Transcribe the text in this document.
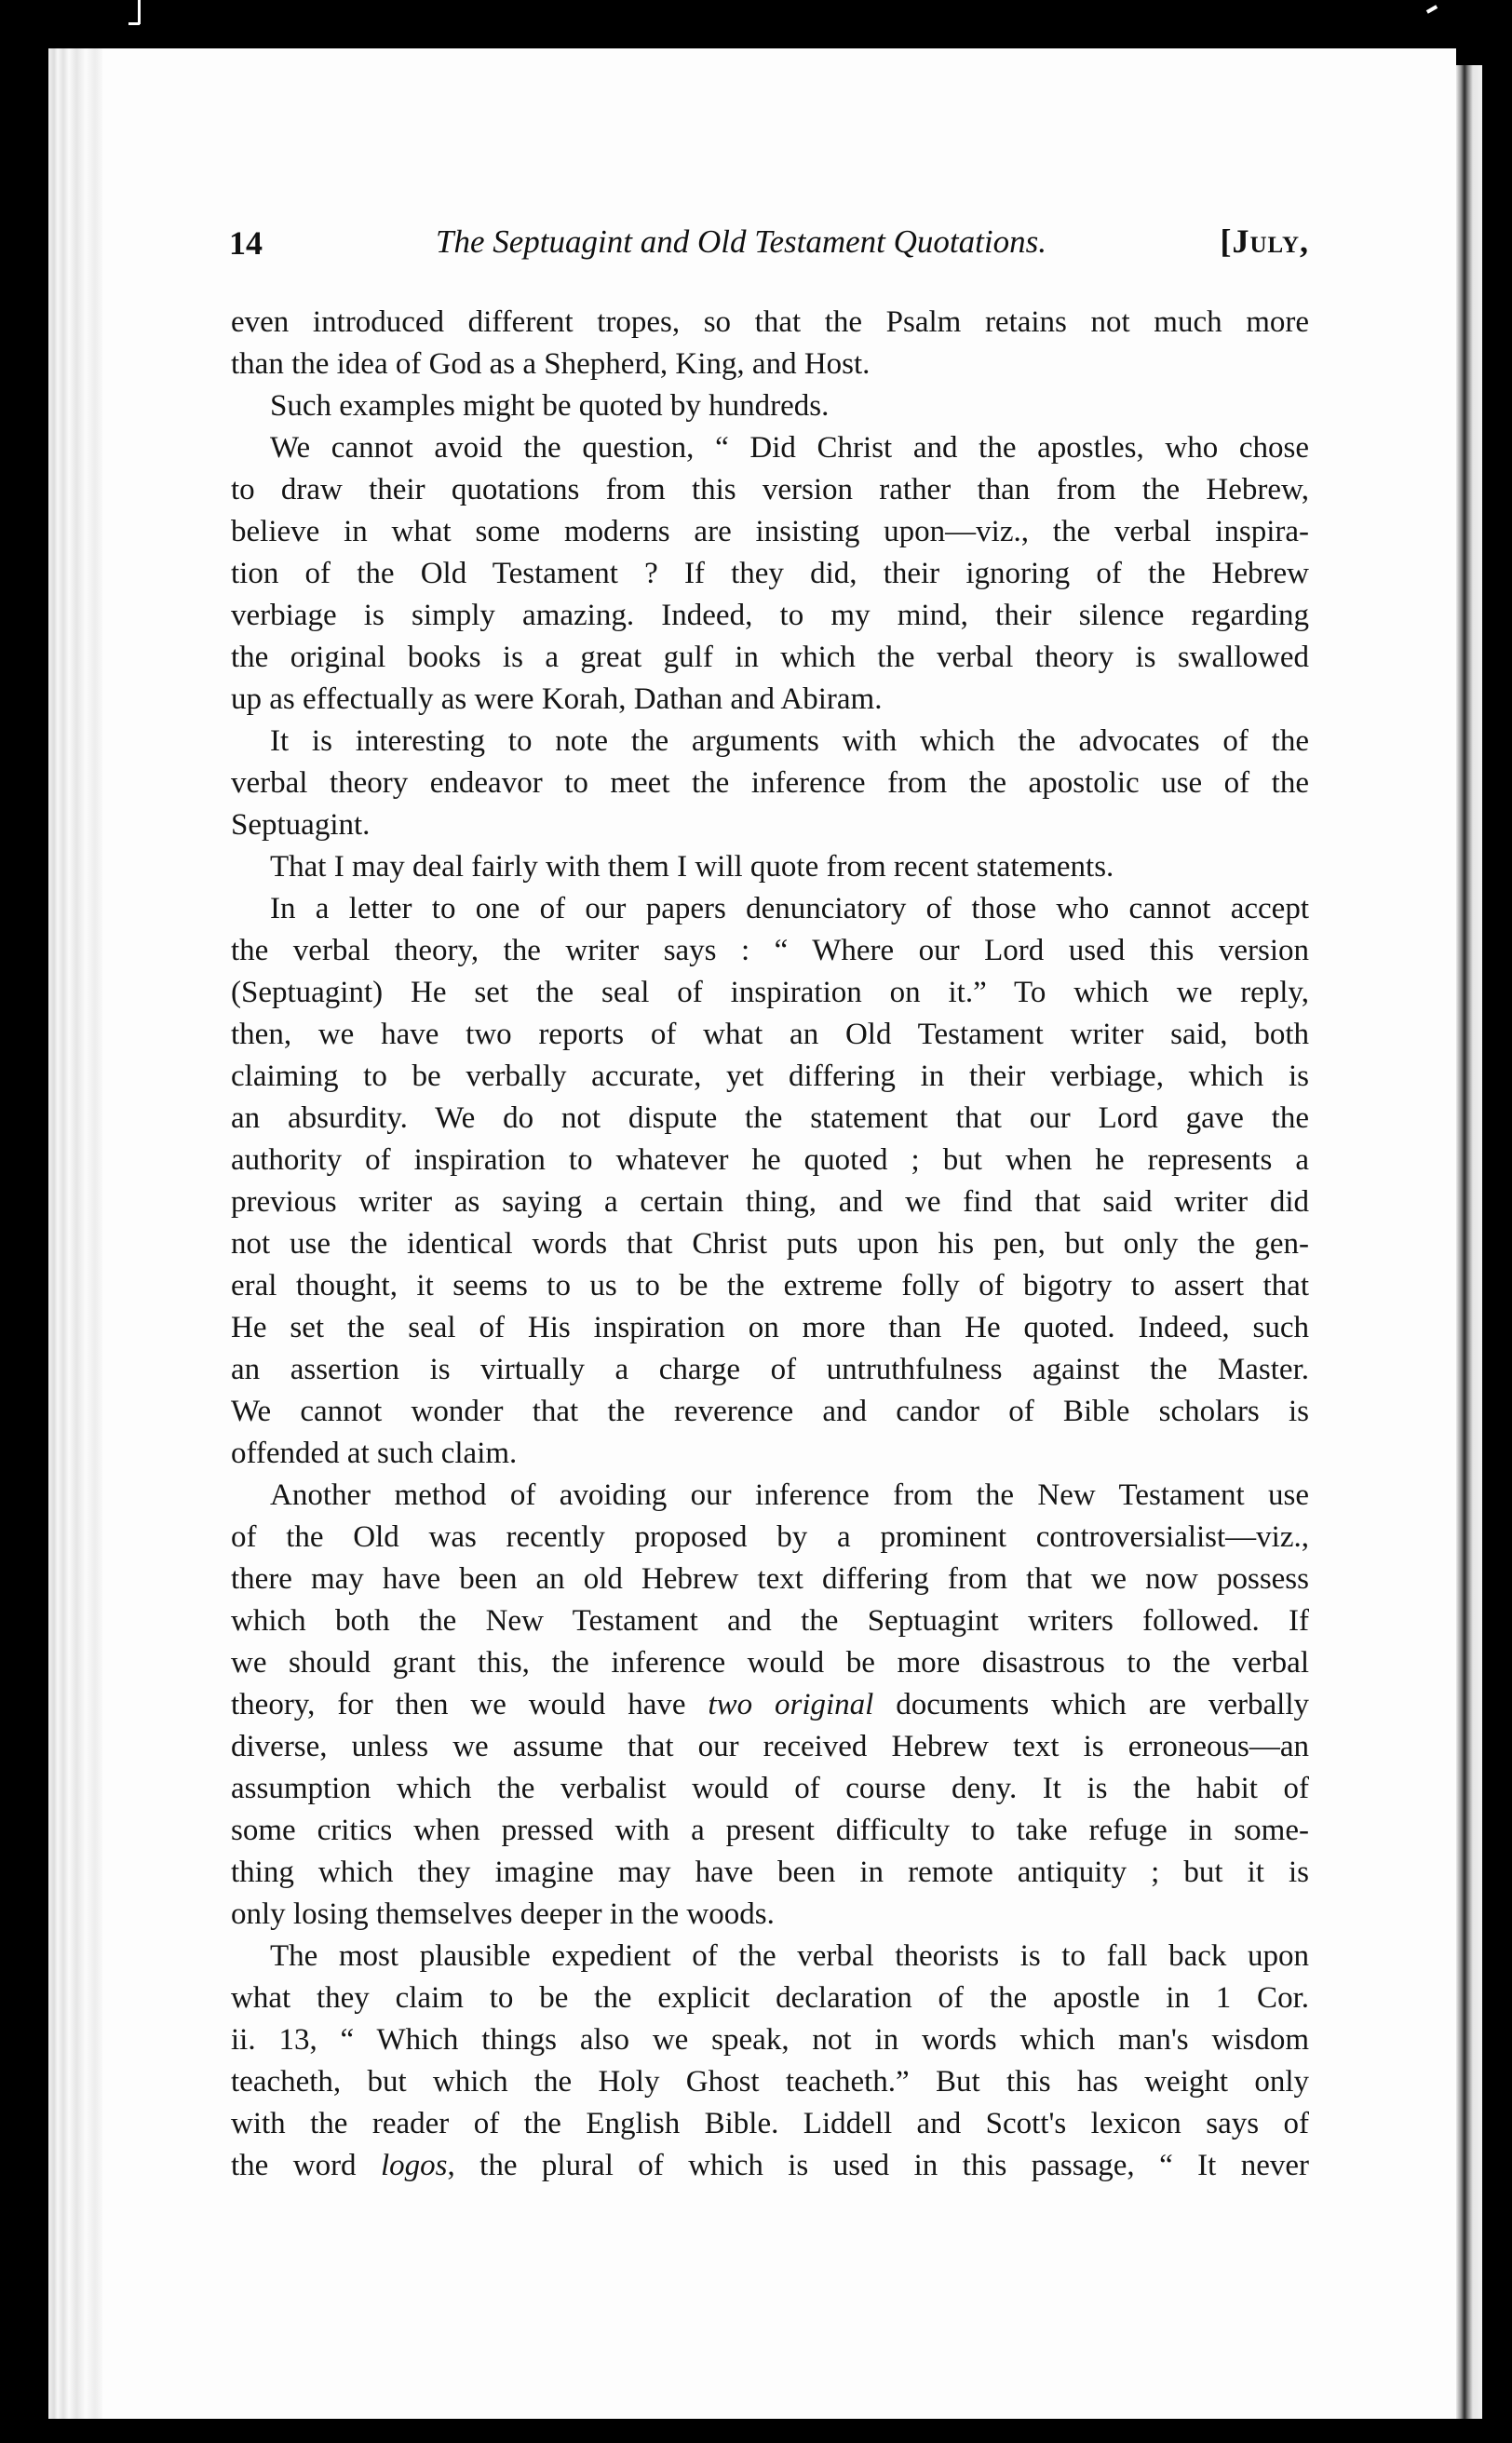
14	The Septuagint and Old Testament Quotations.	[July,
even introduced different tropes, so that the Psalm retains not much more
than the idea of God as a Shepherd, King, and Host.
Such examples might be quoted by hundreds.
We cannot avoid the question, “ Did Christ and the apostles, who chose
to draw their quotations from this version rather than from the Hebrew,
believe in what some moderns are insisting upon—viz., the verbal inspira-
tion of the Old Testament ? If they did, their ignoring of the Hebrew
verbiage is simply amazing. Indeed, to my mind, their silence regarding
the original books is a great gulf in which the verbal theory is swallowed
up as effectually as were Korah, Dathan and Abiram.
It is interesting to note the arguments with which the advocates of the
verbal theory endeavor to meet the inference from the apostolic use of the
Septuagint.
That I may deal fairly with them I will quote from recent statements.
In a letter to one of our papers denunciatory of those who cannot accept
the verbal theory, the writer says : “ Where our Lord used this version
(Septuagint) He set the seal of inspiration on it.” To which we reply,
then, we have two reports of what an Old Testament writer said, both
claiming to be verbally accurate, yet differing in their verbiage, which is
an absurdity. We do not dispute the statement that our Lord gave the
authority of inspiration to whatever he quoted ; but when he represents a
previous writer as saying a certain thing, and we find that said writer did
not use the identical words that Christ puts upon his pen, but only the gen-
eral thought, it seems to us to be the extreme folly of bigotry to assert that
He set the seal of His inspiration on more than He quoted. Indeed, such
an assertion is virtually a charge of untruthfulness against the Master.
We cannot wonder that the reverence and candor of Bible scholars is
offended at such claim.
Another method of avoiding our inference from the New Testament use
of the Old was recently proposed by a prominent controversialist—viz.,
there may have been an old Hebrew text differing from that we now possess
which both the New Testament and the Septuagint writers followed. If
we should grant this, the inference would be more disastrous to the verbal
theory, for then we would have two original documents which are verbally
diverse, unless we assume that our received Hebrew text is erroneous—an
assumption which the verbalist would of course deny. It is the habit of
some critics when pressed with a present difficulty to take refuge in some-
thing which they imagine may have been in remote antiquity ; but it is
only losing themselves deeper in the woods.
The most plausible expedient of the verbal theorists is to fall back upon
what they claim to be the explicit declaration of the apostle in 1 Cor.
ii. 13, “ Which things also we speak, not in words which man's wisdom
teacheth, but which the Holy Ghost teacheth.” But this has weight only
with the reader of the English Bible. Liddell and Scott's lexicon says of
the word logos, the plural of which is used in this passage, “ It never
